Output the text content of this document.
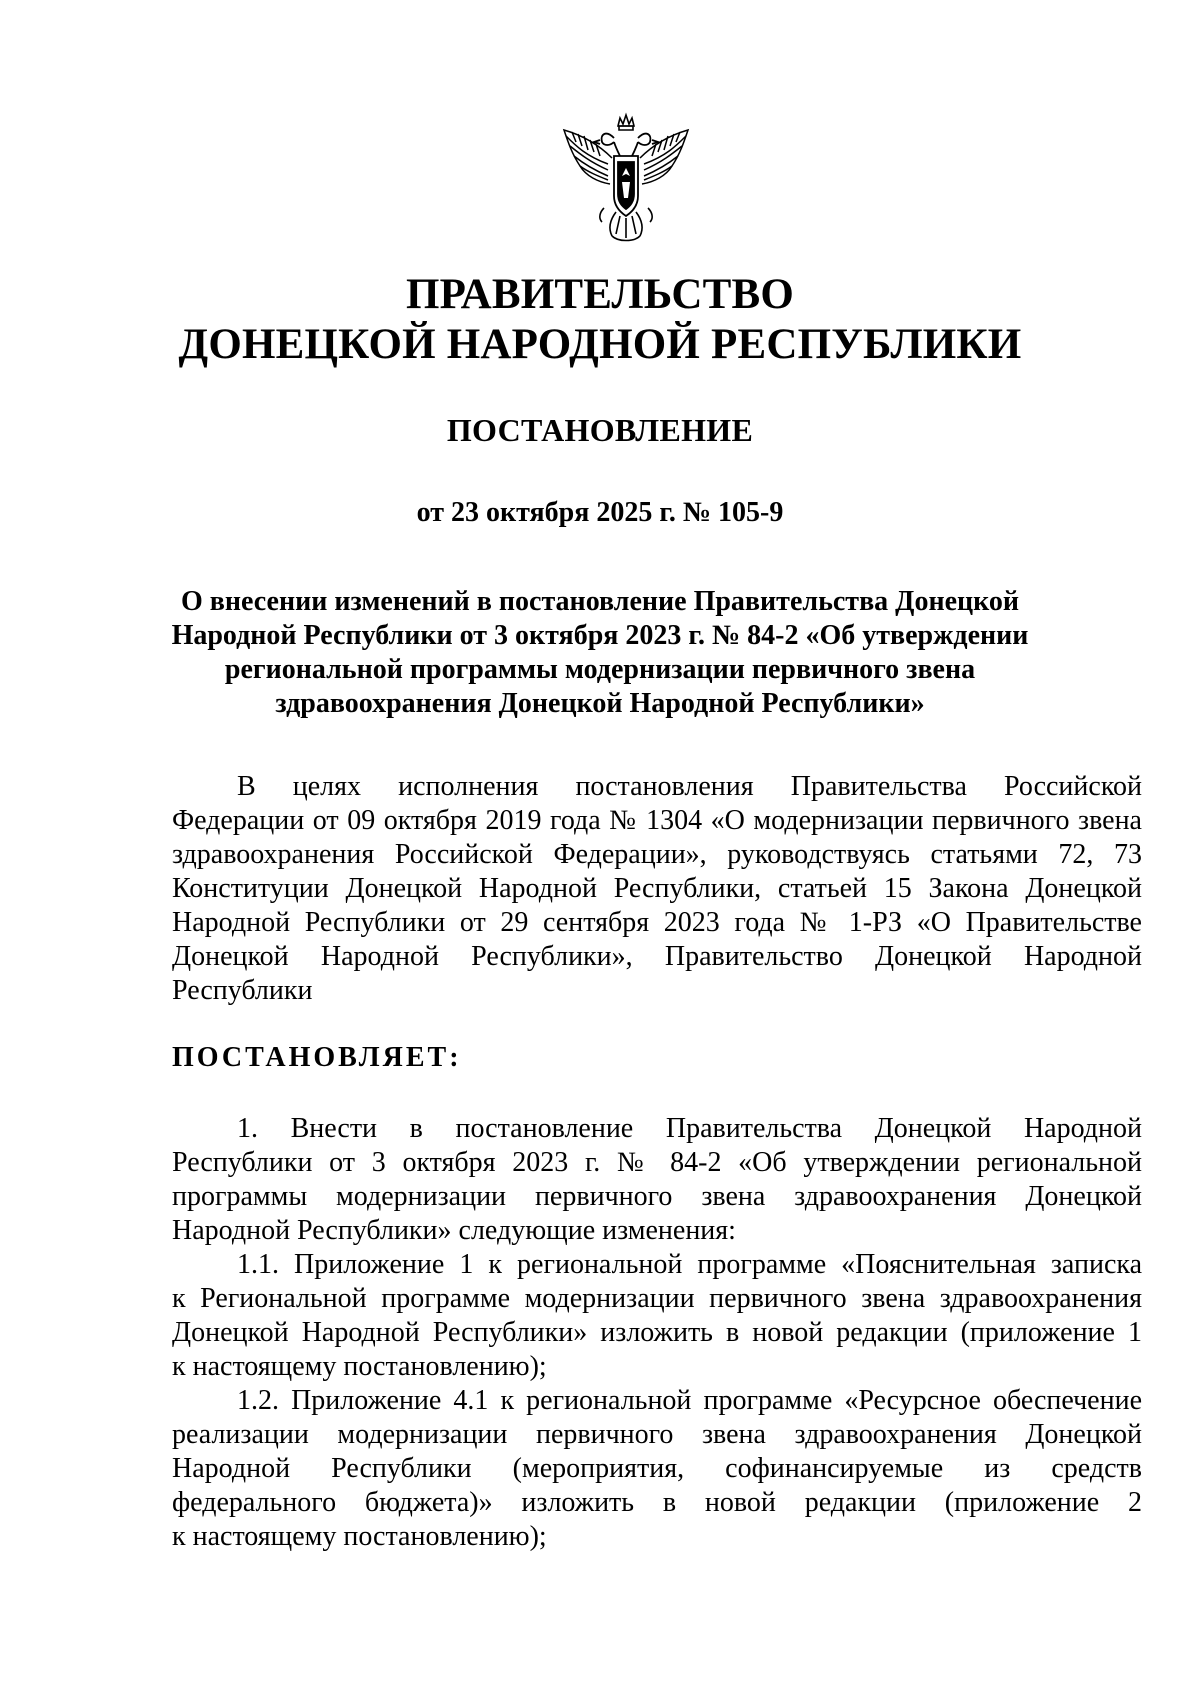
ПРАВИТЕЛЬСТВО
ДОНЕЦКОЙ НАРОДНОЙ РЕСПУБЛИКИ
ПОСТАНОВЛЕНИЕ
от 23 октября 2025 г. № 105-9
О внесении изменений в постановление Правительства Донецкой
Народной Республики от 3 октября 2023 г. № 84-2 «Об утверждении
региональной программы модернизации первичного звена
здравоохранения Донецкой Народной Республики»
В целях исполнения постановления Правительства Российской
Федерации от 09 октября 2019 года № 1304 «О модернизации первичного звена
здравоохранения Российской Федерации», руководствуясь статьями 72, 73
Конституции Донецкой Народной Республики, статьей 15 Закона Донецкой
Народной Республики от 29 сентября 2023 года № 1-РЗ «О Правительстве
Донецкой Народной Республики», Правительство Донецкой Народной
Республики
ПОСТАНОВЛЯЕТ:
1. Внести в постановление Правительства Донецкой Народной
Республики от 3 октября 2023 г. № 84-2 «Об утверждении региональной
программы модернизации первичного звена здравоохранения Донецкой
Народной Республики» следующие изменения:
1.1. Приложение 1 к региональной программе «Пояснительная записка
к Региональной программе модернизации первичного звена здравоохранения
Донецкой Народной Республики» изложить в новой редакции (приложение 1
к настоящему постановлению);
1.2. Приложение 4.1 к региональной программе «Ресурсное обеспечение
реализации модернизации первичного звена здравоохранения Донецкой
Народной Республики (мероприятия, софинансируемые из средств
федерального бюджета)» изложить в новой редакции (приложение 2
к настоящему постановлению);
